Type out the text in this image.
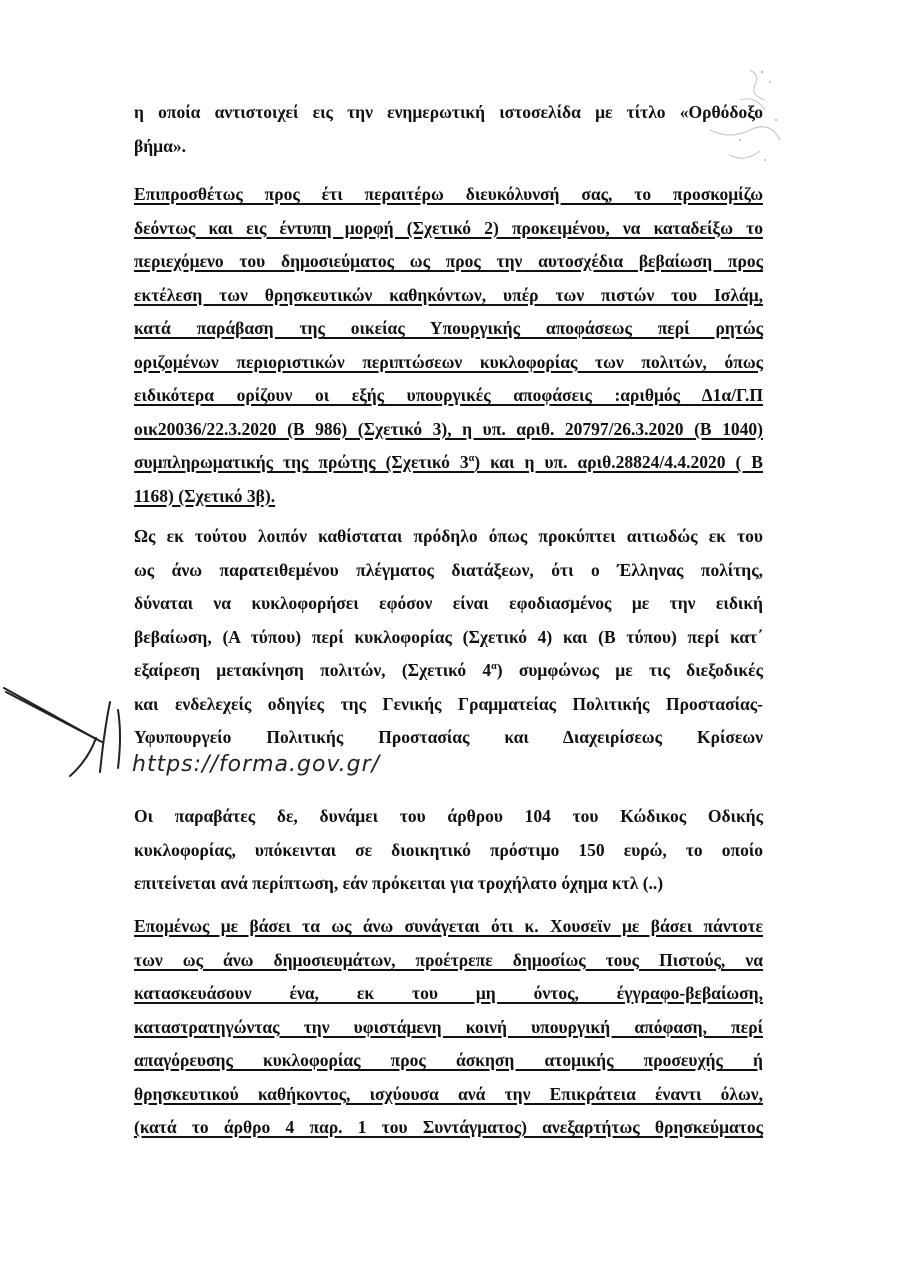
η οποία αντιστοιχεί εις την ενημερωτική ιστοσελίδα με τίτλο «Ορθόδοξο
βήμα».
Επιπροσθέτως προς έτι περαιτέρω διευκόλυνσή σας, το προσκομίζω
δεόντως και εις έντυπη μορφή (Σχετικό 2) προκειμένου, να καταδείξω το
περιεχόμενο του δημοσιεύματος ως προς την αυτοσχέδια βεβαίωση προς
εκτέλεση των θρησκευτικών καθηκόντων, υπέρ των πιστών του Ισλάμ,
κατά παράβαση της οικείας Υπουργικής αποφάσεως περί ρητώς
οριζομένων περιοριστικών περιπτώσεων κυκλοφορίας των πολιτών, όπως
ειδικότερα ορίζουν οι εξής υπουργικές αποφάσεις :αριθμός Δ1α/Γ.Π
οικ20036/22.3.2020 (Β 986) (Σχετικό 3), η υπ. αριθ. 20797/26.3.2020 (Β 1040)
συμπληρωματικής της πρώτης (Σχετικό $3^\alpha$) και η υπ. αριθ.28824/4.4.2020 ( Β
1168) (Σχετικό 3β).
Ως εκ τούτου λοιπόν καθίσταται πρόδηλο όπως προκύπτει αιτιωδώς εκ του
ως άνω παρατειθεμένου πλέγματος διατάξεων, ότι ο Έλληνας πολίτης,
δύναται να κυκλοφορήσει εφόσον είναι εφοδιασμένος με την ειδική
βεβαίωση, (Α τύπου) περί κυκλοφορίας (Σχετικό 4) και (Β τύπου) περί κατ΄
εξαίρεση μετακίνηση πολιτών, (Σχετικό $4^\alpha$) συμφώνως με τις διεξοδικές
και ενδελεχείς οδηγίες της Γενικής Γραμματείας Πολιτικής Προστασίας-
Υφυπουργείο Πολιτικής Προστασίας και Διαχειρίσεως Κρίσεων
https://forma.gov.gr/
Οι παραβάτες δε, δυνάμει του άρθρου 104 του Κώδικος Οδικής
κυκλοφορίας, υπόκεινται σε διοικητικό πρόστιμο 150 ευρώ, το οποίο
επιτείνεται ανά περίπτωση, εάν πρόκειται για τροχήλατο όχημα κτλ (..)
Επομένως με βάσει τα ως άνω συνάγεται ότι κ. Χουσεϊν με βάσει πάντοτε
των ως άνω δημοσιευμάτων, προέτρεπε δημοσίως τους Πιστούς, να
κατασκευάσουν ένα, εκ του μη όντος, έγγραφο-βεβαίωση,
καταστρατηγώντας την υφιστάμενη κοινή υπουργική απόφαση, περί
απαγόρευσης κυκλοφορίας προς άσκηση ατομικής προσευχής ή
θρησκευτικού καθήκοντος, ισχύουσα ανά την Επικράτεια έναντι όλων,
(κατά το άρθρο 4 παρ. 1 του Συντάγματος) ανεξαρτήτως θρησκεύματος
